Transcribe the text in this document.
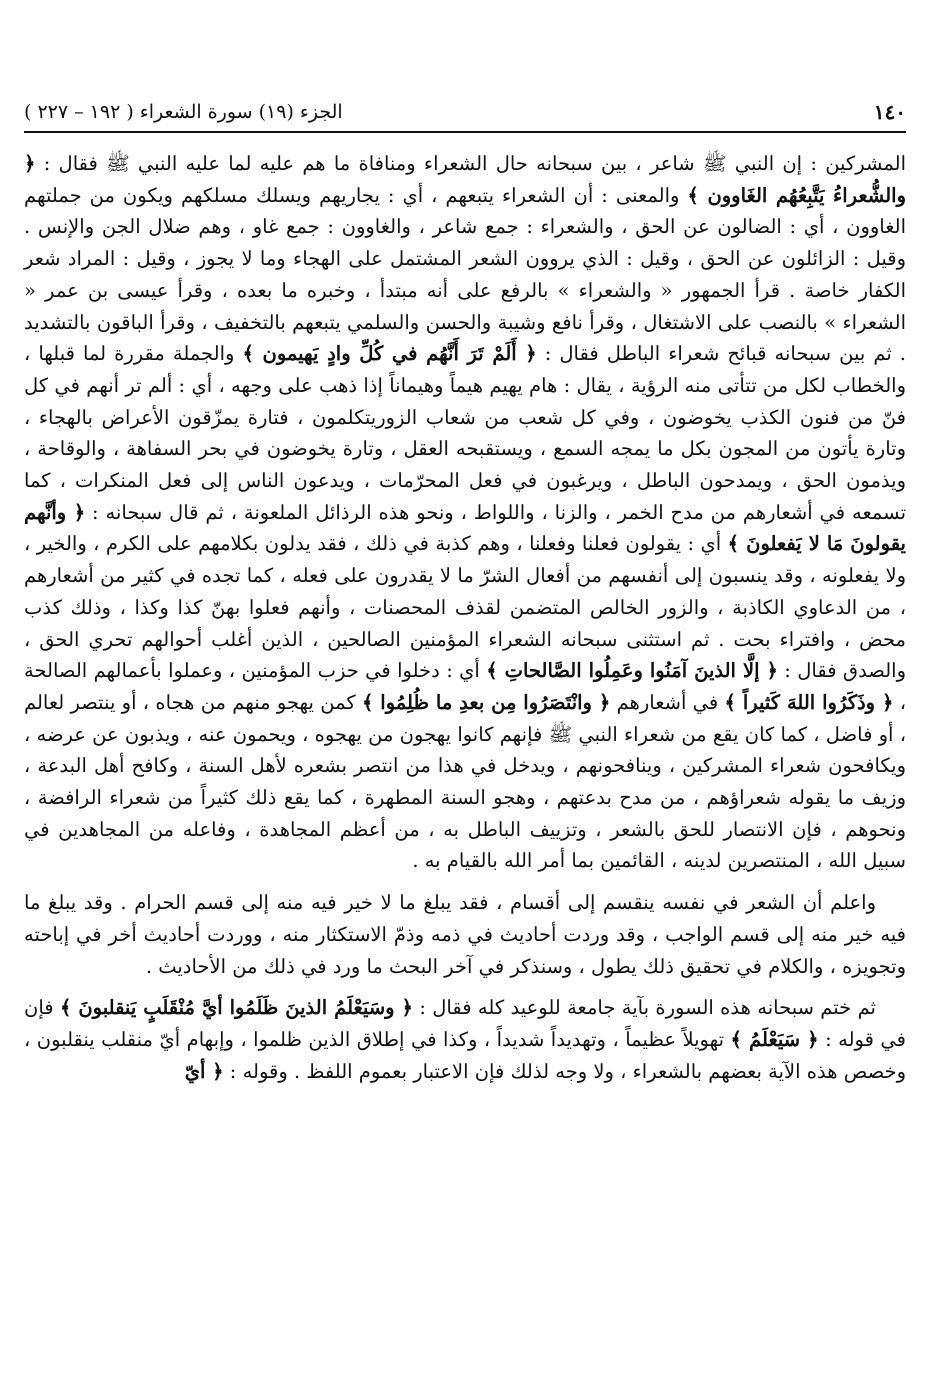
١٤٠
الجزء (١٩) سورة الشعراء ( ١٩٢ – ٢٢٧ )

المشركين : إن النبي ﷺ شاعر ، بين سبحانه حال الشعراء ومنافاة ما هم عليه لما عليه النبي ﷺ فقال : ﴿ والشُّعراءُ يَتَّبِعُهُم الغَاوون ﴾ والمعنى : أن الشعراء يتبعهم ، أي : يجاريهم ويسلك مسلكهم ويكون من جملتهم الغاوون ، أي : الضالون عن الحق ، والشعراء : جمع شاعر ، والغاوون : جمع غاو ، وهم ضلال الجن والإنس . وقيل : الزائلون عن الحق ، وقيل : الذي يروون الشعر المشتمل على الهجاء وما لا يجوز ، وقيل : المراد شعر الكفار خاصة . قرأ الجمهور « والشعراء » بالرفع على أنه مبتدأ ، وخبره ما بعده ، وقرأ عيسى بن عمر « الشعراء » بالنصب على الاشتغال ، وقرأ نافع وشيبة والحسن والسلمي يتبعهم بالتخفيف ، وقرأ الباقون بالتشديد . ثم بين سبحانه قبائح شعراء الباطل فقال : ﴿ أَلَمْ تَرَ أَنَّهُم في كُلِّ وادٍ يَهيمون ﴾ والجملة مقررة لما قبلها ، والخطاب لكل من تتأتى منه الرؤية ، يقال : هام يهيم هيماً وهيماناً إذا ذهب على وجهه ، أي : ألم تر أنهم في كل فنّ من فنون الكذب يخوضون ، وفي كل شعب من شعاب الزوريتكلمون ، فتارة يمزّقون الأعراض بالهجاء ، وتارة يأتون من المجون بكل ما يمجه السمع ، ويستقبحه العقل ، وتارة يخوضون في بحر السفاهة ، والوقاحة ، ويذمون الحق ، ويمدحون الباطل ، ويرغبون في فعل المحرّمات ، ويدعون الناس إلى فعل المنكرات ، كما تسمعه في أشعارهم من مدح الخمر ، والزنا ، واللواط ، ونحو هذه الرذائل الملعونة ، ثم قال سبحانه : ﴿ وأنَّهم يقولونَ مَا لا يَفعلونَ ﴾ أي : يقولون فعلنا وفعلنا ، وهم كذبة في ذلك ، فقد يدلون بكلامهم على الكرم ، والخير ، ولا يفعلونه ، وقد ينسبون إلى أنفسهم من أفعال الشرّ ما لا يقدرون على فعله ، كما تجده في كثير من أشعارهم ، من الدعاوي الكاذبة ، والزور الخالص المتضمن لقذف المحصنات ، وأنهم فعلوا بهنّ كذا وكذا ، وذلك كذب محض ، وافتراء بحت . ثم استثنى سبحانه الشعراء المؤمنين الصالحين ، الذين أغلب أحوالهم تحري الحق ، والصدق فقال : ﴿ إلَّا الذينَ آمَنُوا وعَمِلُوا الصَّالحاتِ ﴾ أي : دخلوا في حزب المؤمنين ، وعملوا بأعمالهم الصالحة ، ﴿ وذَكَرُوا اللهَ كَثيراً ﴾ في أشعارهم ﴿ وانْتَصَرُوا مِن بعدِ ما ظُلِمُوا ﴾ كمن يهجو منهم من هجاه ، أو ينتصر لعالم ، أو فاضل ، كما كان يقع من شعراء النبي ﷺ فإنهم كانوا يهجون من يهجوه ، ويحمون عنه ، ويذبون عن عرضه ، ويكافحون شعراء المشركين ، وينافحونهم ، ويدخل في هذا من انتصر بشعره لأهل السنة ، وكافح أهل البدعة ، وزيف ما يقوله شعراؤهم ، من مدح بدعتهم ، وهجو السنة المطهرة ، كما يقع ذلك كثيراً من شعراء الرافضة ، ونحوهم ، فإن الانتصار للحق بالشعر ، وتزييف الباطل به ، من أعظم المجاهدة ، وفاعله من المجاهدين في سبيل الله ، المنتصرين لدينه ، القائمين بما أمر الله بالقيام به .

واعلم أن الشعر في نفسه ينقسم إلى أقسام ، فقد يبلغ ما لا خير فيه منه إلى قسم الحرام . وقد يبلغ ما فيه خير منه إلى قسم الواجب ، وقد وردت أحاديث في ذمه وذمّ الاستكثار منه ، ووردت أحاديث أخر في إباحته وتجويزه ، والكلام في تحقيق ذلك يطول ، وسنذكر في آخر البحث ما ورد في ذلك من الأحاديث .

ثم ختم سبحانه هذه السورة بآية جامعة للوعيد كله فقال : ﴿ وسَيَعْلَمُ الذينَ ظَلَمُوا أيَّ مُنْقَلَبٍ يَنقلبونَ ﴾ فإن في قوله : ﴿ سَيَعْلَمُ ﴾ تهويلاً عظيماً ، وتهديداً شديداً ، وكذا في إطلاق الذين ظلموا ، وإبهام أيّ منقلب ينقلبون ، وخصص هذه الآية بعضهم بالشعراء ، ولا وجه لذلك فإن الاعتبار بعموم اللفظ . وقوله : ﴿ أيّ
